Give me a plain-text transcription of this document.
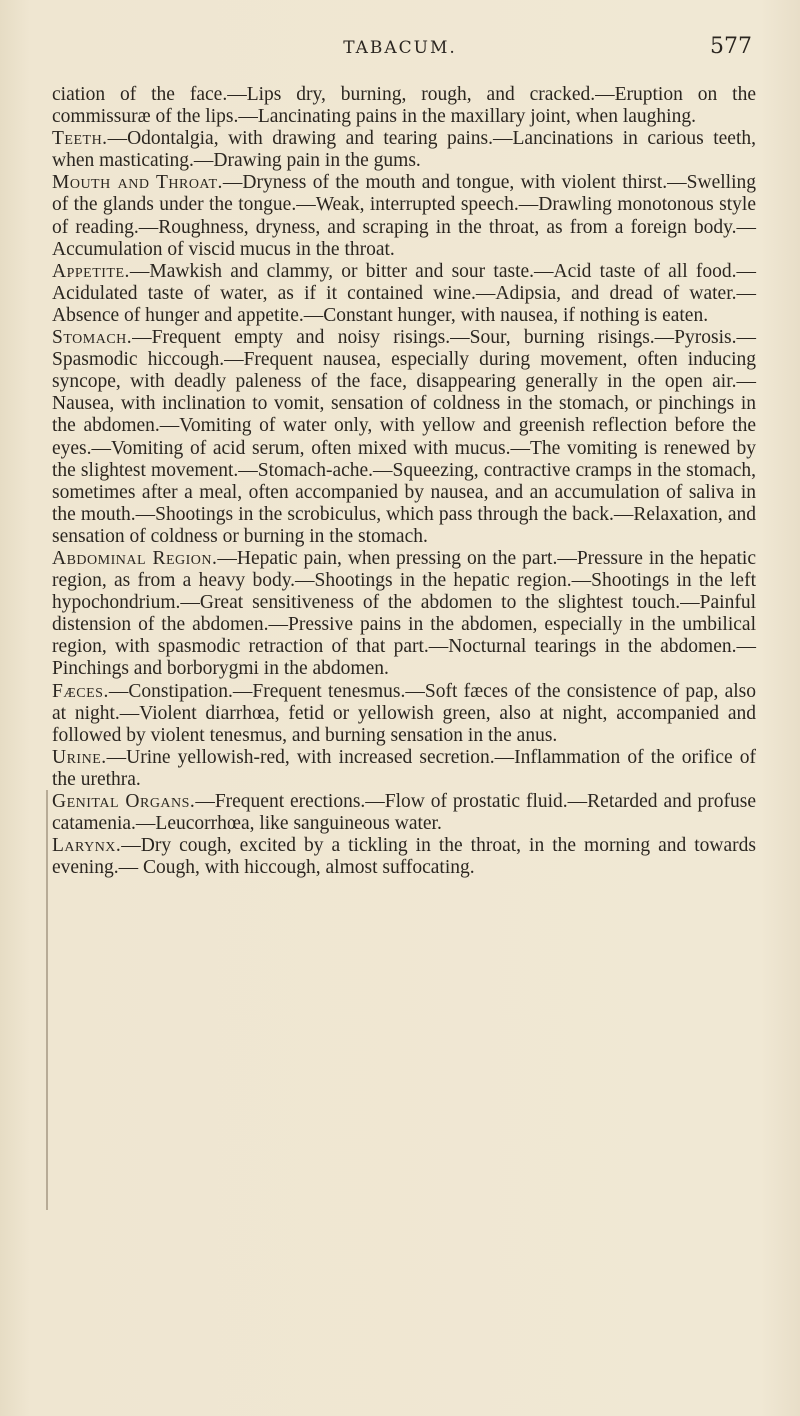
TABACUM.	577

ciation of the face.—Lips dry, burning, rough, and cracked.—Eruption on the commissuræ of the lips.—Lancinating pains in the maxillary joint, when laughing.

Teeth.—Odontalgia, with drawing and tearing pains.—Lancinations in carious teeth, when masticating.—Drawing pain in the gums.

Mouth and Throat.—Dryness of the mouth and tongue, with violent thirst.—Swelling of the glands under the tongue.—Weak, interrupted speech.—Drawling monotonous style of reading.—Roughness, dryness, and scraping in the throat, as from a foreign body.—Accumulation of viscid mucus in the throat.

Appetite.—Mawkish and clammy, or bitter and sour taste.—Acid taste of all food.—Acidulated taste of water, as if it contained wine.—Adipsia, and dread of water.—Absence of hunger and appetite.—Constant hunger, with nausea, if nothing is eaten.

Stomach.—Frequent empty and noisy risings.—Sour, burning risings.—Pyrosis.—Spasmodic hiccough.—Frequent nausea, especially during movement, often inducing syncope, with deadly paleness of the face, disappearing generally in the open air.—Nausea, with inclination to vomit, sensation of coldness in the stomach, or pinchings in the abdomen.—Vomiting of water only, with yellow and greenish reflection before the eyes.—Vomiting of acid serum, often mixed with mucus.—The vomiting is renewed by the slightest movement.—Stomach-ache.—Squeezing, contractive cramps in the stomach, sometimes after a meal, often accompanied by nausea, and an accumulation of saliva in the mouth.—Shootings in the scrobiculus, which pass through the back.—Relaxation, and sensation of coldness or burning in the stomach.

Abdominal Region.—Hepatic pain, when pressing on the part.—Pressure in the hepatic region, as from a heavy body.—Shootings in the hepatic region.—Shootings in the left hypochondrium.—Great sensitiveness of the abdomen to the slightest touch.—Painful distension of the abdomen.—Pressive pains in the abdomen, especially in the umbilical region, with spasmodic retraction of that part.—Nocturnal tearings in the abdomen.—Pinchings and borborygmi in the abdomen.

Fæces.—Constipation.—Frequent tenesmus.—Soft fæces of the consistence of pap, also at night.—Violent diarrhœa, fetid or yellowish green, also at night, accompanied and followed by violent tenesmus, and burning sensation in the anus.

Urine.—Urine yellowish-red, with increased secretion.—Inflammation of the orifice of the urethra.

Genital Organs.—Frequent erections.—Flow of prostatic fluid.—Retarded and profuse catamenia.—Leucorrhœa, like sanguineous water.

Larynx.—Dry cough, excited by a tickling in the throat, in the morning and towards evening.— Cough, with hiccough, almost suffocating.
